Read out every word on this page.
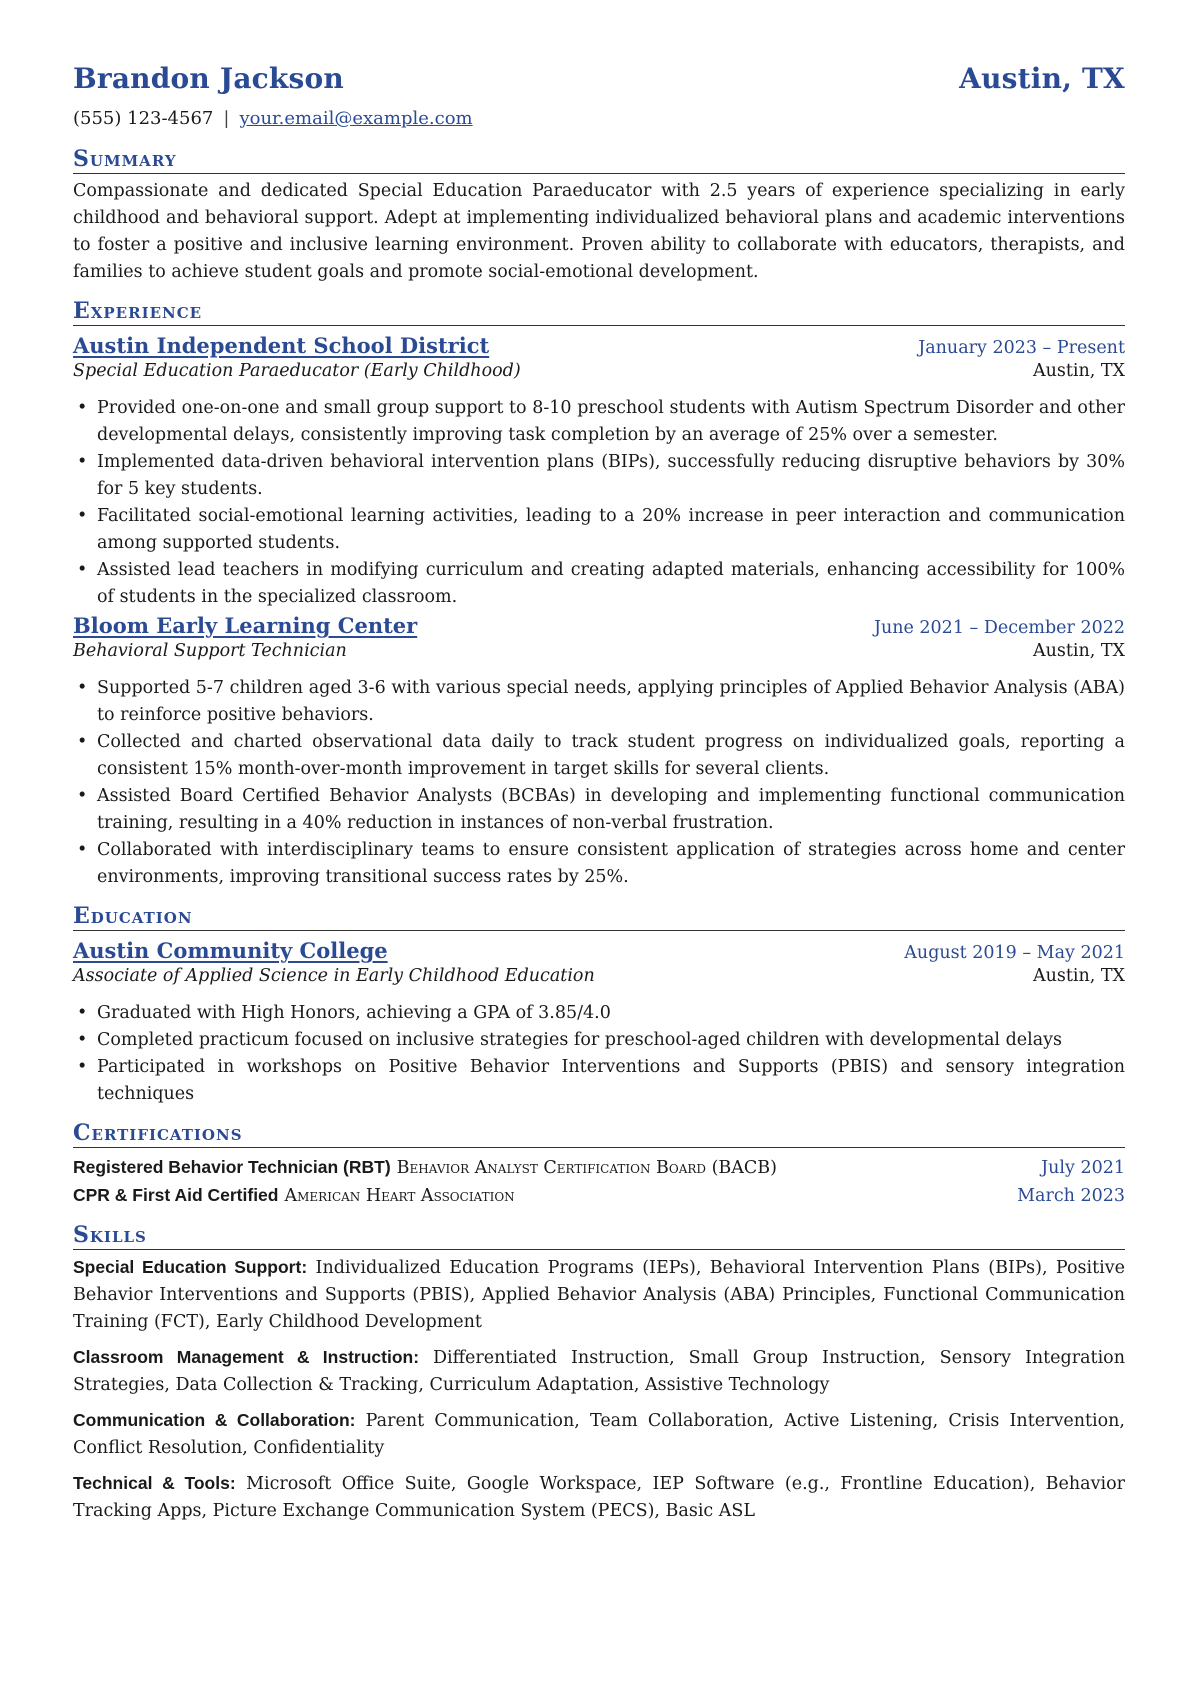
Brandon Jackson	Austin, TX
(555) 123-4567 | your.email@example.com
Summary
Compassionate and dedicated Special Education Paraeducator with 2.5 years of experience specializing in early childhood and behavioral support. Adept at implementing individualized behavioral plans and academic interventions to foster a positive and inclusive learning environment. Proven ability to collaborate with educators, therapists, and families to achieve student goals and promote social-emotional development.
Experience
Austin Independent School District	January 2023 – Present
Special Education Paraeducator (Early Childhood)	Austin, TX
• Provided one-on-one and small group support to 8-10 preschool students with Autism Spectrum Disorder and other developmental delays, consistently improving task completion by an average of 25% over a semester.
• Implemented data-driven behavioral intervention plans (BIPs), successfully reducing disruptive behaviors by 30% for 5 key students.
• Facilitated social-emotional learning activities, leading to a 20% increase in peer interaction and communication among supported students.
• Assisted lead teachers in modifying curriculum and creating adapted materials, enhancing accessibility for 100% of students in the specialized classroom.
Bloom Early Learning Center	June 2021 – December 2022
Behavioral Support Technician	Austin, TX
• Supported 5-7 children aged 3-6 with various special needs, applying principles of Applied Behavior Analysis (ABA) to reinforce positive behaviors.
• Collected and charted observational data daily to track student progress on individualized goals, reporting a consistent 15% month-over-month improvement in target skills for several clients.
• Assisted Board Certified Behavior Analysts (BCBAs) in developing and implementing functional communication training, resulting in a 40% reduction in instances of non-verbal frustration.
• Collaborated with interdisciplinary teams to ensure consistent application of strategies across home and center environments, improving transitional success rates by 25%.
Education
Austin Community College	August 2019 – May 2021
Associate of Applied Science in Early Childhood Education	Austin, TX
• Graduated with High Honors, achieving a GPA of 3.85/4.0
• Completed practicum focused on inclusive strategies for preschool-aged children with developmental delays
• Participated in workshops on Positive Behavior Interventions and Supports (PBIS) and sensory integration techniques
Certifications
Registered Behavior Technician (RBT) Behavior Analyst Certification Board (BACB)	July 2021
CPR & First Aid Certified American Heart Association	March 2023
Skills
Special Education Support: Individualized Education Programs (IEPs), Behavioral Intervention Plans (BIPs), Positive Behavior Interventions and Supports (PBIS), Applied Behavior Analysis (ABA) Principles, Functional Communication Training (FCT), Early Childhood Development
Classroom Management & Instruction: Differentiated Instruction, Small Group Instruction, Sensory Integration Strategies, Data Collection & Tracking, Curriculum Adaptation, Assistive Technology
Communication & Collaboration: Parent Communication, Team Collaboration, Active Listening, Crisis Intervention, Conflict Resolution, Confidentiality
Technical & Tools: Microsoft Office Suite, Google Workspace, IEP Software (e.g., Frontline Education), Behavior Tracking Apps, Picture Exchange Communication System (PECS), Basic ASL
